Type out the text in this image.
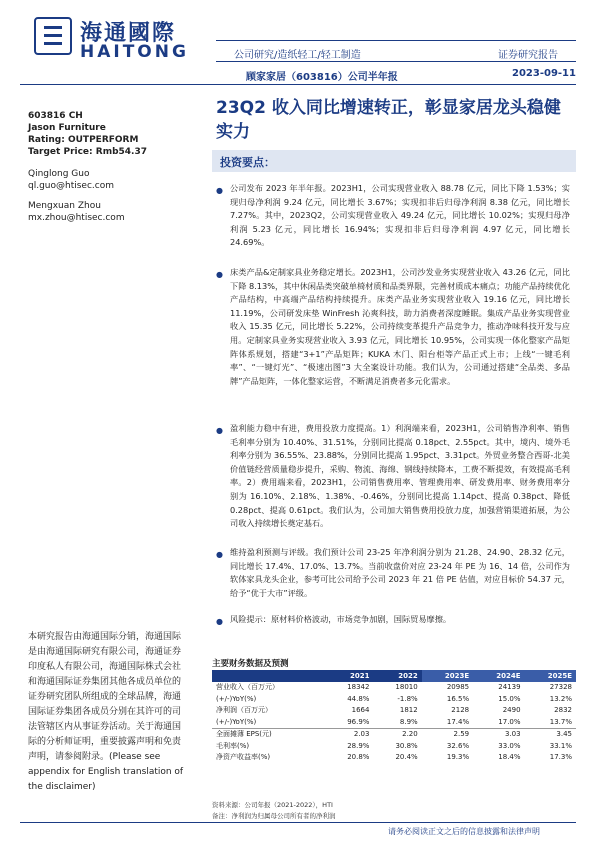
海通國際
HAITONG	公司研究/造纸轻工/轻工制造	证券研究报告
顾家家居（603816）公司半年报	2023-09-11
603816 CH
Jason Furniture
Rating: OUTPERFORM
Target Price: Rmb54.37
Qinglong Guo
ql.guo@htisec.com
Mengxuan Zhou
mx.zhou@htisec.com
23Q2 收入同比增速转正，彰显家居龙头稳健实力
投资要点：
● 公司发布 2023 年半年报。2023H1，公司实现营业收入 88.78 亿元，同比下降 1.53%；实现归母净利润 9.24 亿元，同比增长 3.67%；实现扣非后归母净利润 8.38 亿元，同比增长 7.27%。其中，2023Q2，公司实现营业收入 49.24 亿元，同比增长 10.02%；实现归母净利润 5.23 亿元，同比增长 16.94%；实现扣非后归母净利润 4.97 亿元，同比增长 24.69%。
● 床类产品&定制家具业务稳定增长。2023H1，公司沙发业务实现营业收入 43.26 亿元，同比下降 8.13%，其中休闲品类突破单椅材质和品类界限，完善材质成本痛点；功能产品持续优化产品结构，中高端产品结构持续提升。床类产品业务实现营业收入 19.16 亿元，同比增长 11.19%，公司研发床垫 WinFresh 沁爽科技，助力消费者深度睡眠。集成产品业务实现营业收入 15.35 亿元，同比增长 5.22%，公司持续变革提升产品竞争力，推动净味科技开发与应用。定制家具业务实现营业收入 3.93 亿元，同比增长 10.95%，公司实现一体化整家产品矩阵体系规划，搭建“3+1”产品矩阵；KUKA 木门、阳台柜等产品正式上市；上线“一键毛利率”、“一键灯光”、“极速出图”3 大全案设计功能。我们认为，公司通过搭建“全品类、多品牌”产品矩阵，一体化整家运营，不断满足消费者多元化需求。
● 盈利能力稳中有进，费用投放力度提高。1）利润端来看，2023H1，公司销售净利率、销售毛利率分别为 10.40%、31.51%，分别同比提高 0.18pct、2.55pct。其中，境内、境外毛利率分别为 36.55%、23.88%，分别同比提高 1.95pct、3.31pct。外贸业务整合西哥-北美价值链经营质量稳步提升，采购、物流、海绵、钢线持续降本，工费不断提效，有效提高毛利率。2）费用端来看，2023H1，公司销售费用率、管理费用率、研发费用率、财务费用率分别为 16.10%、2.18%、1.38%、-0.46%，分别同比提高 1.14pct、提高 0.38pct、降低 0.28pct、提高 0.61pct。我们认为，公司加大销售费用投放力度，加强营销渠道拓展，为公司收入持续增长奠定基石。
● 维持盈利预测与评级。我们预计公司 23-25 年净利润分别为 21.28、24.90、28.32 亿元，同比增长 17.4%、17.0%、13.7%。当前收盘价对应 23-24 年 PE 为 16、14 倍，公司作为软体家具龙头企业，参考可比公司给予公司 2023 年 21 倍 PE 估值，对应目标价 54.37 元，给予“优于大市”评级。
● 风险提示：原材料价格波动，市场竞争加剧，国际贸易摩擦。
本研究报告由海通国际分销，海通国际是由海通国际研究有限公司，海通证券印度私人有限公司，海通国际株式会社和海通国际证券集团其他各成员单位的证券研究团队所组成的全球品牌，海通国际证券集团各成员分别在其许可的司法管辖区内从事证券活动。关于海通国际的分析师证明，重要披露声明和免责声明，请参阅附录。(Please see appendix for English translation of the disclaimer)
主要财务数据及预测
	2021	2022	2023E	2024E	2025E
营业收入（百万元）	18342	18010	20985	24139	27328
(+/-)YoY(%)	44.8%	-1.8%	16.5%	15.0%	13.2%
净利润（百万元）	1664	1812	2128	2490	2832
(+/-)YoY(%)	96.9%	8.9%	17.4%	17.0%	13.7%
全面摊薄 EPS(元)	2.03	2.20	2.59	3.03	3.45
毛利率(%)	28.9%	30.8%	32.6%	33.0%	33.1%
净资产收益率(%)	20.8%	20.4%	19.3%	18.4%	17.3%
资料来源：公司年报（2021-2022），HTI
备注：净利润为归属母公司所有者的净利润
请务必阅读正文之后的信息披露和法律声明
